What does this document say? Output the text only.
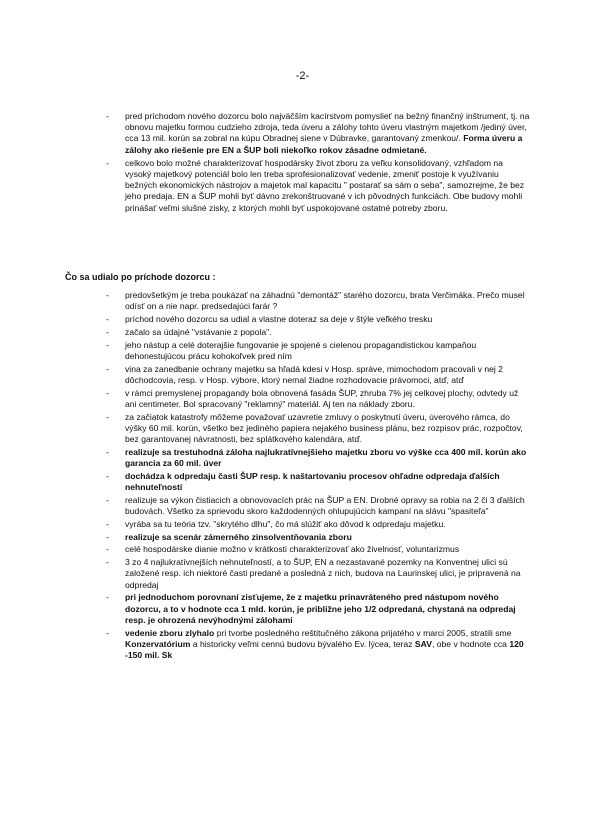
-2-
- pred príchodom nového dozorcu bolo najväčším kacírstvom pomyslieť na bežný finančný inštrument, tj. na obnovu majetku formou cudzieho zdroja, teda úveru a zálohy tohto úveru vlastným majetkom /jediný úver, cca 13 mil. korún sa zobral na kúpu Obradnej siene v Dúbravke, garantovaný zmenkou/. Forma úveru a zálohy ako riešenie pre EN a ŠUP boli niekoľko rokov zásadne odmietané.
- celkovo bolo možné charakterizovať hospodársky život zboru za veľku konsolidovaný, vzhľadom na vysoký majetkový potenciál bolo len treba sprofesionalizovať vedenie, zmeniť postoje k využívaniu bežných ekonomických nástrojov a majetok mal kapacitu " postarať sa sám o seba", samozrejme, že bez jeho predaja. EN a ŠUP mohli byť dávno zrekonštruované v ich pôvodných funkciách. Obe budovy mohli prinášať veľmi slušné zisky, z ktorých mohli byť uspokojované ostatné potreby zboru.
Čo sa udialo po príchode dozorcu :
- predovšetkým je treba poukázať na záhadnú "demontáž" starého dozorcu, brata Verčimáka. Prečo musel odísť on a nie napr. predsedajúci farár ?
- príchod nového dozorcu sa udial a vlastne doteraz sa deje v štýle veľkého tresku
- začalo sa údajné "vstávanie z popola".
- jeho nástup a celé doterajšie fungovanie je spojené s cielenou propagandistickou kampaňou dehonestujúcou prácu kohokoľvek pred ním
- vina za zanedbanie ochrany majetku sa hľadá kdesi v Hosp. správe, mimochodom pracovali v nej 2 dôchodcovia, resp. v Hosp. výbore, ktorý nemal žiadne rozhodovacie právomoci, atď, atď
- v rámci premyslenej propagandy bola obnovená fasáda ŠUP, zhruba 7% jej celkovej plochy, odvtedy už ani centimeter. Bol spracovaný "reklamný" materiál. Aj ten na náklady zboru.
- za začiatok katastrofy môžeme považovať uzavretie zmluvy o poskytnutí úveru, úverového rámca, do výšky 60 mil. korún, všetko bez jediného papiera nejakého business plánu, bez rozpisov prác, rozpočtov, bez garantovanej návratnosti, bez splátkového kalendára, atď.
- realizuje sa trestuhodná záloha najlukratívnejšieho majetku zboru vo výške cca 400 mil. korún ako garancia za 60 mil. úver
- dochádza k odpredaju časti ŠUP resp. k naštartovaniu procesov ohľadne odpredaja ďalších nehnuteľností
- realizuje sa výkon čistiacich a obnovovacích prác na ŠUP a EN. Drobné opravy sa robia na 2 či 3 ďalších budovách. Všetko za sprievodu skoro každodenných ohlupujúcich kampaní na slávu "spasiteľa"
- vyrába sa tu teória tzv. "skrytého dlhu", čo má slúžiť ako dôvod k odpredaju majetku.
- realizuje sa scenár zámerného zinsolventňovania zboru
- celé hospodárske dianie možno v krátkosti charakterizovať ako živelnosť, voluntarizmus
- 3 zo 4 najlukratívnejších nehnuteľností, a to ŠUP, EN a nezastavané pozemky na Konventnej ulici sú založené resp. ich niektoré časti predané a posledná z nich, budova na Laurinskej ulici, je pripravená na odpredaj
- pri jednoduchom porovnaní zisťujeme, že z majetku prinavráteného pred nástupom nového dozorcu, a to v hodnote cca 1 mld. korún, je približne jeho 1/2 odpredaná, chystaná na odpredaj resp. je ohrozená nevýhodnými zálohami
- vedenie zboru zlyhalo pri tvorbe posledného reštitučného zákona prijatého v marci 2005, stratili sme Konzervatórium a historicky veľmi cennú budovu bývalého Ev. lýcea, teraz SAV, obe v hodnote cca 120 -150 mil. Sk
